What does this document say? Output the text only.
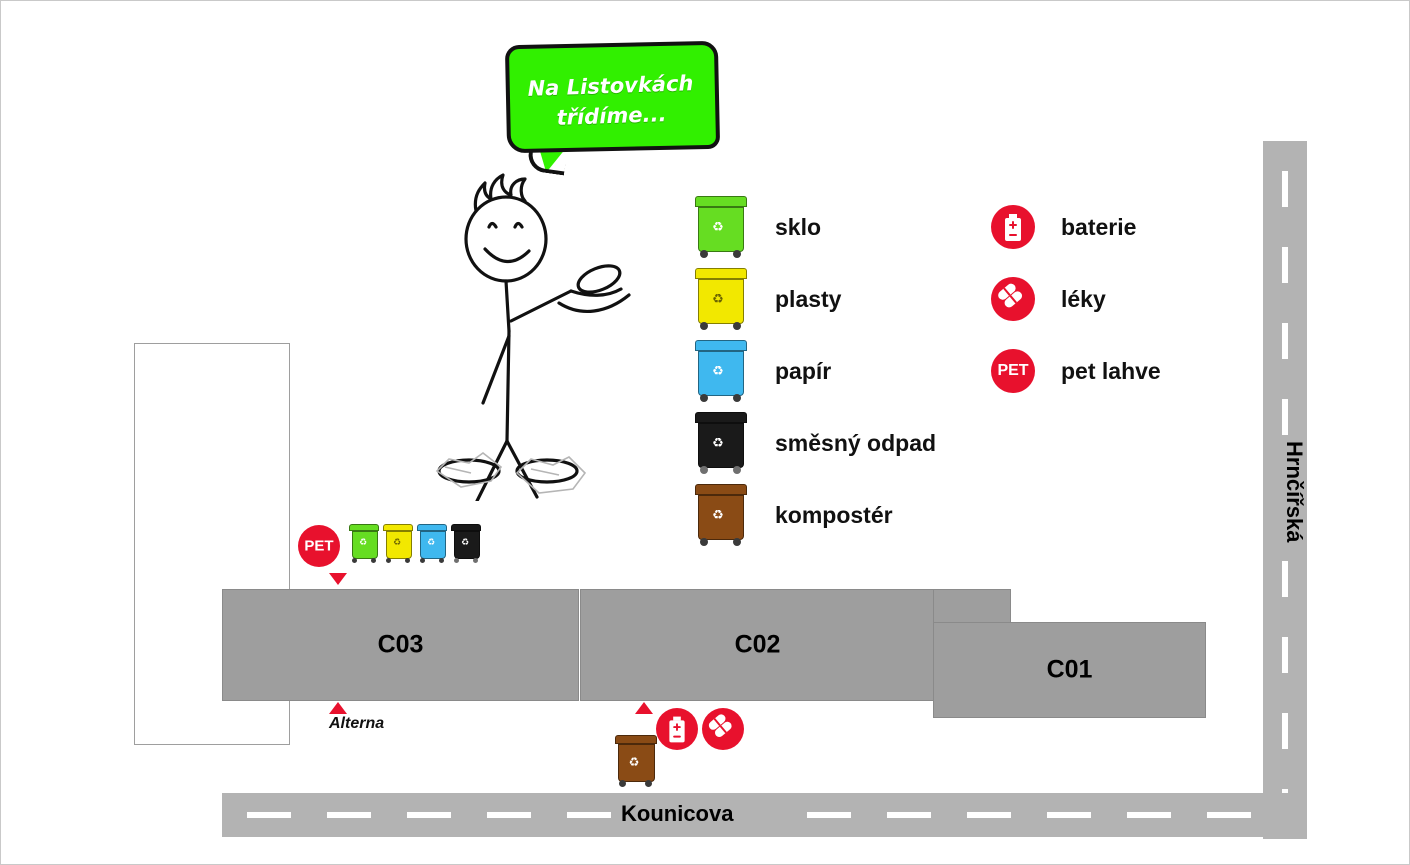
Na Listovkách
třídíme...
♻ sklo
♻ plasty
♻ papír
♻ směsný odpad
♻ kompostér
baterie
léky
PET pet lahve
PET	♻	♻	♻	♻
C03	C02
C01
Alterna
♻
Hrnčířská
Kounicova
